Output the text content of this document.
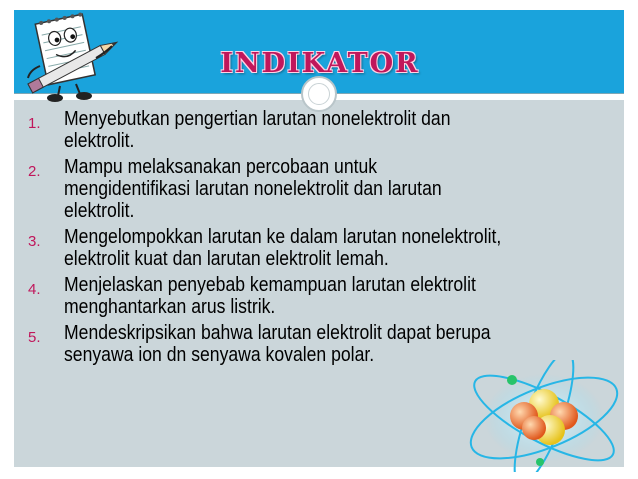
INDIKATOR
1. Menyebutkan pengertian larutan nonelektrolit dan
elektrolit.
2. Mampu melaksanakan percobaan untuk
mengidentifikasi larutan nonelektrolit dan larutan
elektrolit.
3. Mengelompokkan larutan ke dalam larutan nonelektrolit,
elektrolit kuat dan larutan elektrolit lemah.
4. Menjelaskan penyebab kemampuan larutan elektrolit
menghantarkan arus listrik.
5. Mendeskripsikan bahwa larutan elektrolit dapat berupa
senyawa ion dn senyawa kovalen polar.
